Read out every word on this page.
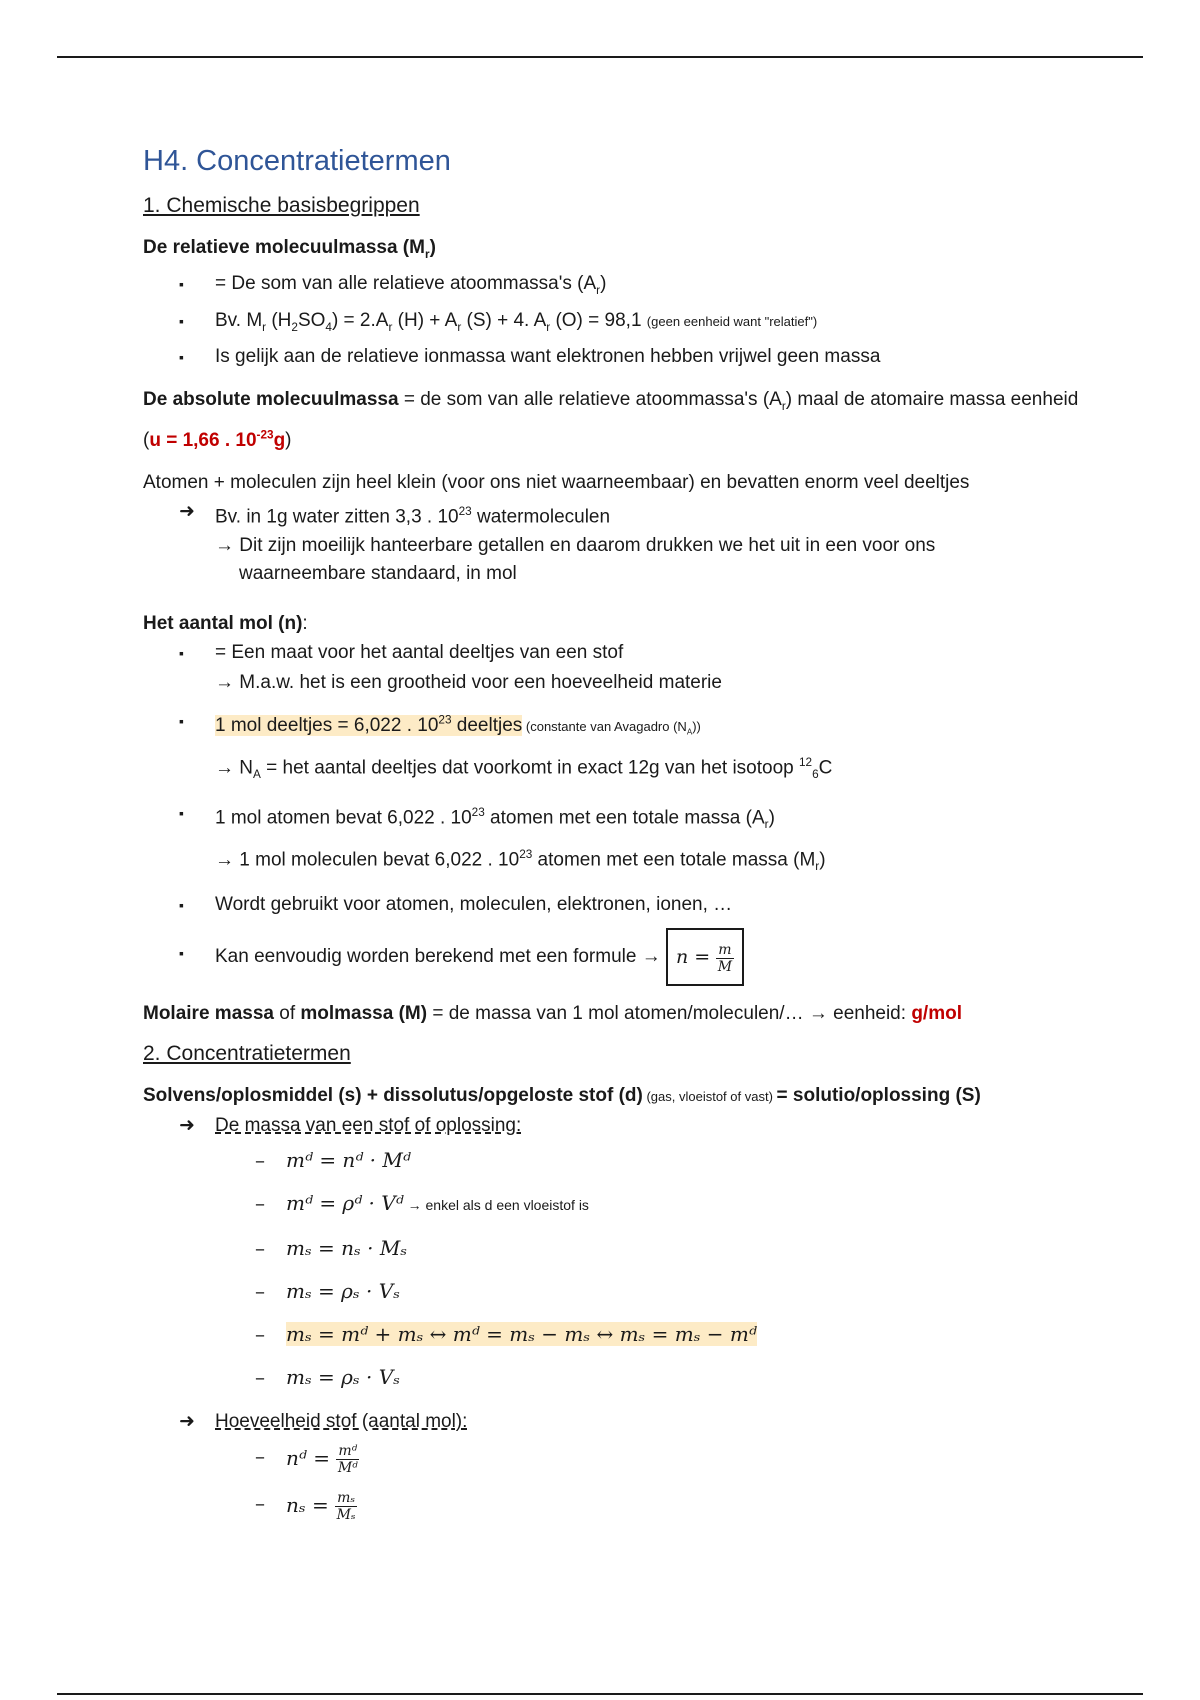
H4. Concentratietermen
1. Chemische basisbegrippen

De relatieve molecuulmassa $(M_r)$

▪ = De som van alle relatieve atoommassa's $(A_r)$
▪ Bv. $M_r$ $(H_2SO_4) = 2.A_r$ $(H) + A_r$ (S) + 4. $A_r$ (O) = 98,1 (geen eenheid want "relatief")
▪ Is gelijk aan de relatieve ionmassa want elektronen hebben vrijwel geen massa

De absolute molecuulmassa = de som van alle relatieve atoommassa's $(A_r)$ maal de atomaire massa eenheid (u = 1,66 . $10^{-23}g$)

Atomen + moleculen zijn heel klein (voor ons niet waarneembaar) en bevatten enorm veel deeltjes

➜ Bv. in 1g water zitten 3,3 . $10^{23}$ watermoleculen
→ Dit zijn moeilijk hanteerbare getallen en daarom drukken we het uit in een voor ons
waarneembare standaard, in mol

Het aantal mol (n):

▪ = Een maat voor het aantal deeltjes van een stof
→ M.a.w. het is een grootheid voor een hoeveelheid materie
▪ 1 mol deeltjes = 6,022 . $10^{23}$ deeltjes (constante van Avagadro $(N_A)$)
→ $N_A$ = het aantal deeltjes dat voorkomt in exact 12g van het isotoop $^{12}_6$C
▪ 1 mol atomen bevat 6,022 . $10^{23}$ atomen met een totale massa $(A_r)$
→ 1 mol moleculen bevat 6,022 . $10^{23}$ atomen met een totale massa $(M_r)$
▪ Wordt gebruikt voor atomen, moleculen, elektronen, ionen, …
▪ Kan eenvoudig worden berekend met een formule → $n = \frac{m}{M}$

Molaire massa of molmassa (M) = de massa van 1 mol atomen/moleculen/… → eenheid: g/mol

2. Concentratietermen

Solvens/oplosmiddel (s) + dissolutus/opgeloste stof (d) (gas, vloeistof of vast) = solutio/oplossing (S)

➜ De massa van een stof of oplossing:
– mᵈ = nᵈ · Mᵈ
– mᵈ = ρᵈ · Vᵈ → enkel als d een vloeistof is
– mₛ = nₛ · Mₛ
– mₛ = ρₛ · Vₛ
– mₛ = mᵈ + mₛ ↔ mᵈ = mₛ − mₛ ↔ mₛ = mₛ − mᵈ
– mₛ = ρₛ · Vₛ
➜ Hoeveelheid stof (aantal mol):
– nᵈ = $\frac{\text{mᵈ}}{\text{Mᵈ}}$
– $n_s = \frac{\text{mₛ}}{\text{Mₛ}}$
